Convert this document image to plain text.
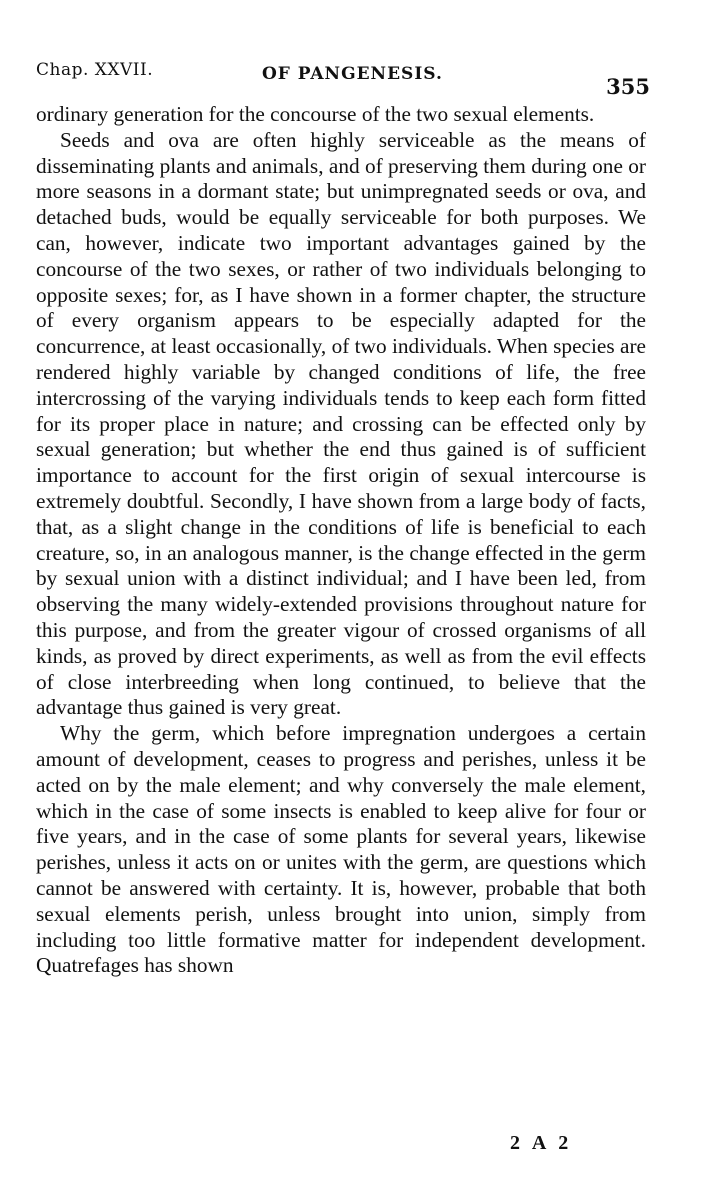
Chap. XXVII.	OF PANGENESIS.	355

ordinary generation for the concourse of the two sexual elements.

Seeds and ova are often highly serviceable as the means of disseminating plants and animals, and of preserving them during one or more seasons in a dormant state; but unimpregnated seeds or ova, and detached buds, would be equally serviceable for both purposes. We can, however, indicate two important advantages gained by the concourse of the two sexes, or rather of two individuals belonging to opposite sexes; for, as I have shown in a former chapter, the structure of every organism appears to be especially adapted for the concurrence, at least occasionally, of two individuals. When species are rendered highly variable by changed conditions of life, the free intercrossing of the varying individuals tends to keep each form fitted for its proper place in nature; and crossing can be effected only by sexual generation; but whether the end thus gained is of sufficient importance to account for the first origin of sexual intercourse is extremely doubtful. Secondly, I have shown from a large body of facts, that, as a slight change in the conditions of life is beneficial to each creature, so, in an analogous manner, is the change effected in the germ by sexual union with a distinct individual; and I have been led, from observing the many widely-extended provisions throughout nature for this purpose, and from the greater vigour of crossed organisms of all kinds, as proved by direct experiments, as well as from the evil effects of close interbreeding when long continued, to believe that the advantage thus gained is very great.

Why the germ, which before impregnation undergoes a certain amount of development, ceases to progress and perishes, unless it be acted on by the male element; and why conversely the male element, which in the case of some insects is enabled to keep alive for four or five years, and in the case of some plants for several years, likewise perishes, unless it acts on or unites with the germ, are questions which cannot be answered with certainty. It is, however, probable that both sexual elements perish, unless brought into union, simply from including too little formative matter for independent development. Quatrefages has shown

2 A 2
